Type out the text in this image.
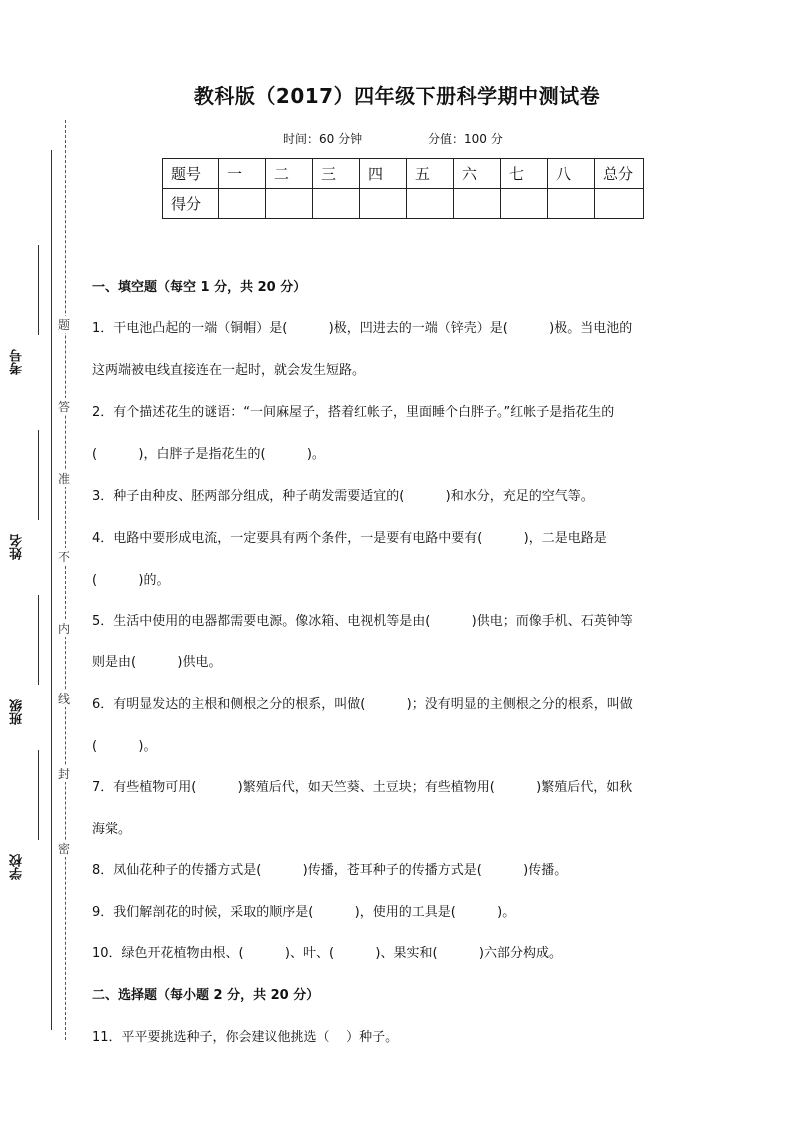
教科版（2017）四年级下册科学期中测试卷
时间：60 分钟	分值：100 分
题号	一	二	三	四	五	六	七	八	总分
得分									
题
答
准
不
内
线
封
密
考号
姓名
班级
学校
一、填空题（每空 1 分，共 20 分）
1．干电池凸起的一端（铜帽）是(          )极，凹进去的一端（锌壳）是(          )极。当电池的
这两端被电线直接连在一起时，就会发生短路。
2．有个描述花生的谜语：“一间麻屋子，搭着红帐子，里面睡个白胖子。”红帐子是指花生的
(          )，白胖子是指花生的(          )。
3．种子由种皮、胚两部分组成，种子萌发需要适宜的(          )和水分，充足的空气等。
4．电路中要形成电流，一定要具有两个条件，一是要有电路中要有(          )，二是电路是
(          )的。
5．生活中使用的电器都需要电源。像冰箱、电视机等是由(          )供电；而像手机、石英钟等
则是由(          )供电。
6．有明显发达的主根和侧根之分的根系，叫做(          )；没有明显的主侧根之分的根系，叫做
(          )。
7．有些植物可用(          )繁殖后代，如天竺葵、土豆块；有些植物用(          )繁殖后代，如秋
海棠。
8．凤仙花种子的传播方式是(          )传播，苍耳种子的传播方式是(          )传播。
9．我们解剖花的时候，采取的顺序是(          )，使用的工具是(          )。
10．绿色开花植物由根、(          )、叶、(          )、果实和(          )六部分构成。
二、选择题（每小题 2 分，共 20 分）
11．平平要挑选种子，你会建议他挑选（    ）种子。
